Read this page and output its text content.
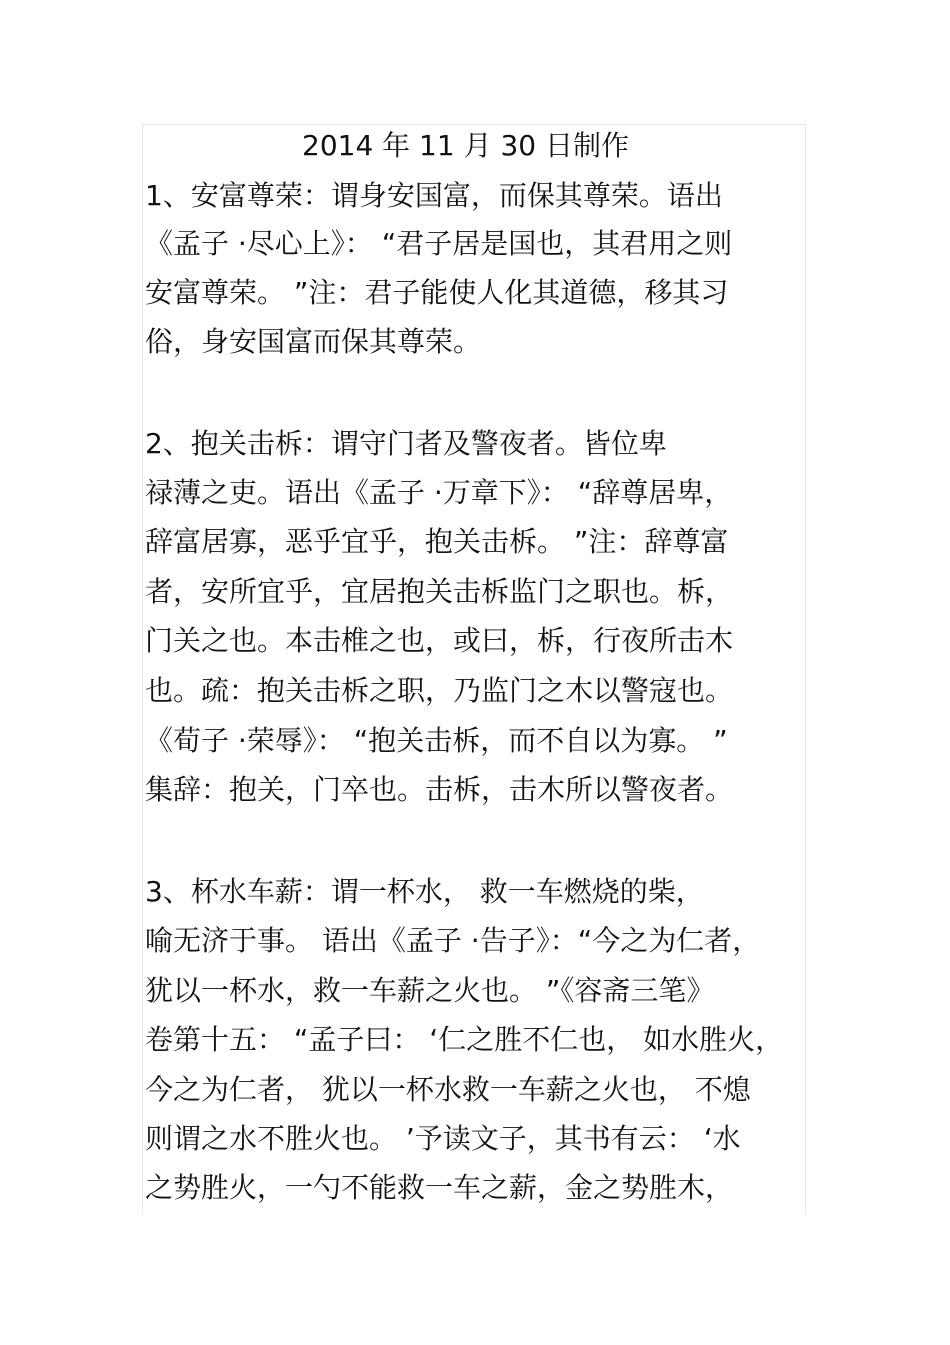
2014 年 11 月 30 日制作
1、安富尊荣：谓身安国富，而保其尊荣。语出
《孟子 ·尽心上》： “君子居是国也，其君用之则
安富尊荣。 ”注：君子能使人化其道德，移其习
俗，身安国富而保其尊荣。
2、抱关击柝：谓守门者及警夜者。皆位卑
禄薄之吏。语出《孟子 ·万章下》： “辞尊居卑，
辞富居寡，恶乎宜乎，抱关击柝。 ”注：辞尊富
者，安所宜乎，宜居抱关击柝监门之职也。柝，
门关之也。本击椎之也，或曰，柝，行夜所击木
也。疏：抱关击柝之职，乃监门之木以警寇也。
《荀子 ·荣辱》： “抱关击柝，而不自以为寡。 ”
集辞：抱关，门卒也。击柝，击木所以警夜者。
3、杯水车薪：谓一杯水， 救一车燃烧的柴，
喻无济于事。 语出《孟子 ·告子》：“今之为仁者，
犹以一杯水，救一车薪之火也。 ”《容斋三笔》
卷第十五： “孟子曰： ‘仁之胜不仁也， 如水胜火，
今之为仁者， 犹以一杯水救一车薪之火也， 不熄
则谓之水不胜火也。 ’予读文子，其书有云： ‘水
之势胜火，一勺不能救一车之薪，金之势胜木，
